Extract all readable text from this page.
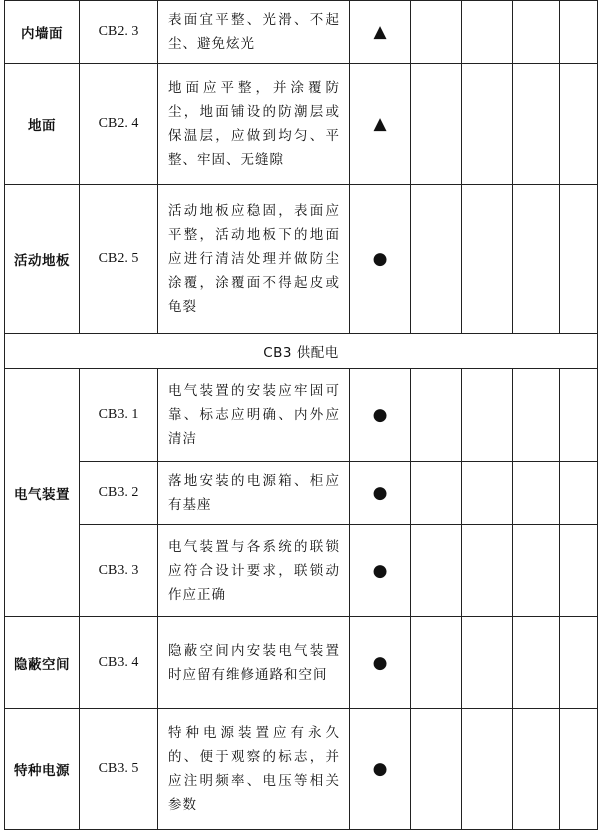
内墙面	CB2. 3	表面宜平整、光滑、不起尘、避免炫光	▲				
地面	CB2. 4	地面应平整，并涂覆防尘，地面铺设的防潮层或保温层，应做到均匀、平整、牢固、无缝隙	▲				
活动地板	CB2. 5	活动地板应稳固，表面应平整，活动地板下的地面应进行清洁处理并做防尘涂覆，涂覆面不得起皮或龟裂	●				
CB3 供配电							
电气装置	CB3. 1	电气装置的安装应牢固可靠、标志应明确、内外应清洁	●				
	CB3. 2	落地安装的电源箱、柜应有基座	●				
	CB3. 3	电气装置与各系统的联锁应符合设计要求，联锁动作应正确	●				
隐蔽空间	CB3. 4	隐蔽空间内安装电气装置时应留有维修通路和空间	●				
特种电源	CB3. 5	特种电源装置应有永久的、便于观察的标志，并应注明频率、电压等相关参数	●				
